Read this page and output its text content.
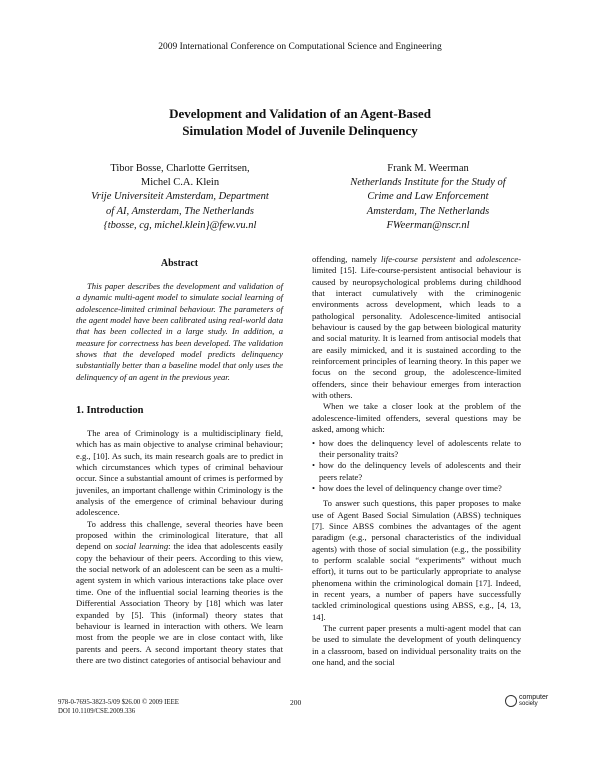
2009 International Conference on Computational Science and Engineering
Development and Validation of an Agent-Based
Simulation Model of Juvenile Delinquency
Tibor Bosse, Charlotte Gerritsen,
Michel C.A. Klein
Vrije Universiteit Amsterdam, Department
of AI, Amsterdam, The Netherlands
{tbosse, cg, michel.klein}@few.vu.nl
Frank M. Weerman
Netherlands Institute for the Study of
Crime and Law Enforcement
Amsterdam, The Netherlands
FWeerman@nscr.nl
Abstract

This paper describes the development and validation of a dynamic multi-agent model to simulate social learning of adolescence-limited criminal behaviour. The parameters of the agent model have been calibrated using real-world data that has been collected in a large study. In addition, a measure for correctness has been developed. The validation shows that the developed model predicts delinquency substantially better than a baseline model that only uses the delinquency of an agent in the previous year.

1. Introduction

The area of Criminology is a multidisciplinary field, which has as main objective to analyse criminal behaviour; e.g., [10]. As such, its main research goals are to predict in which circumstances which types of criminal behaviour occur. Since a substantial amount of crimes is performed by juveniles, an important challenge within Criminology is the analysis of the emergence of criminal behaviour during adolescence.

To address this challenge, several theories have been proposed within the criminological literature, that all depend on social learning: the idea that adolescents easily copy the behaviour of their peers. According to this view, the social network of an adolescent can be seen as a multi-agent system in which various interactions take place over time. One of the influential social learning theories is the Differential Association Theory by [18] which was later expanded by [5]. This (informal) theory states that behaviour is learned in interaction with others. We learn most from the people we are in close contact with, like parents and peers. A second important theory states that there are two distinct categories of antisocial behaviour and

offending, namely life-course persistent and adolescence-limited [15]. Life-course-persistent antisocial behaviour is caused by neuropsychological problems during childhood that interact cumulatively with the criminogenic environments across development, which leads to a pathological personality. Adolescence-limited antisocial behaviour is caused by the gap between biological maturity and social maturity. It is learned from antisocial models that are easily mimicked, and it is sustained according to the reinforcement principles of learning theory. In this paper we focus on the second group, the adolescence-limited offenders, since their behaviour emerges from interaction with others.

When we take a closer look at the problem of the adolescence-limited offenders, several questions may be asked, among which:

• how does the delinquency level of adolescents relate to their personality traits?
• how do the delinquency levels of adolescents and their peers relate?
• how does the level of delinquency change over time?

To answer such questions, this paper proposes to make use of Agent Based Social Simulation (ABSS) techniques [7]. Since ABSS combines the advantages of the agent paradigm (e.g., personal characteristics of the individual agents) with those of social simulation (e.g., the possibility to perform scalable social “experiments” without much effort), it turns out to be particularly appropriate to analyse phenomena within the criminological domain [17]. Indeed, in recent years, a number of papers have successfully tackled criminological questions using ABSS, e.g., [4, 13, 14].

The current paper presents a multi-agent model that can be used to simulate the development of youth delinquency in a classroom, based on individual personality traits on the one hand, and the social

978-0-7695-3823-5/09 $26.00 © 2009 IEEE
DOI 10.1109/CSE.2009.336
200
computer
society
